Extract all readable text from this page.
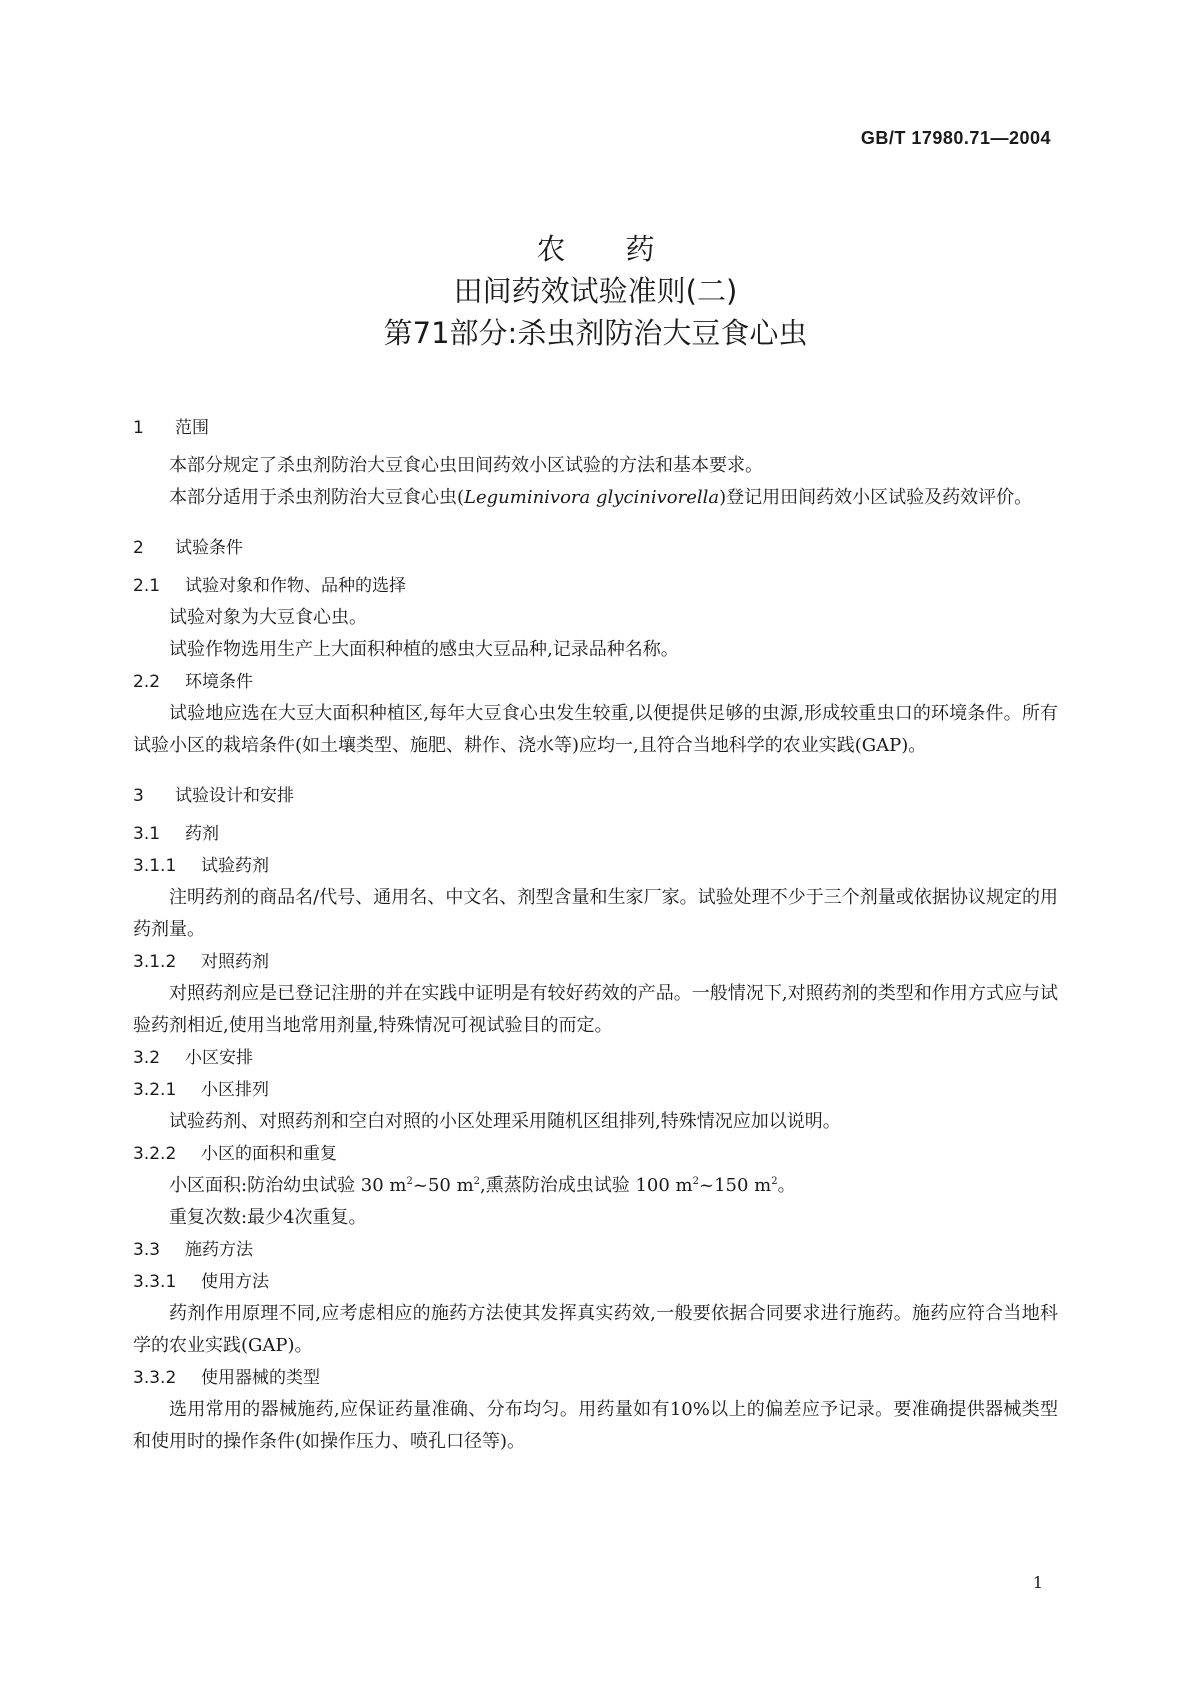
GB/T 17980.71—2004
农药
田间药效试验准则(二)
第71部分:杀虫剂防治大豆食心虫
1 范围

本部分规定了杀虫剂防治大豆食心虫田间药效小区试验的方法和基本要求。

本部分适用于杀虫剂防治大豆食心虫(Leguminivora glycinivorella)登记用田间药效小区试验及药效评价。

2 试验条件
2.1 试验对象和作物、品种的选择

试验对象为大豆食心虫。

试验作物选用生产上大面积种植的感虫大豆品种,记录品种名称。

2.2 环境条件

试验地应选在大豆大面积种植区,每年大豆食心虫发生较重,以便提供足够的虫源,形成较重虫口的环境条件。所有试验小区的栽培条件(如土壤类型、施肥、耕作、浇水等)应均一,且符合当地科学的农业实践(GAP)。

3 试验设计和安排
3.1 药剂
3.1.1 试验药剂

注明药剂的商品名/代号、通用名、中文名、剂型含量和生家厂家。试验处理不少于三个剂量或依据协议规定的用药剂量。

3.1.2 对照药剂

对照药剂应是已登记注册的并在实践中证明是有较好药效的产品。一般情况下,对照药剂的类型和作用方式应与试验药剂相近,使用当地常用剂量,特殊情况可视试验目的而定。

3.2 小区安排
3.2.1 小区排列

试验药剂、对照药剂和空白对照的小区处理采用随机区组排列,特殊情况应加以说明。

3.2.2 小区的面积和重复

小区面积:防治幼虫试验 30 $m^2\sim 50$ $m^2$,熏蒸防治成虫试验 100 $m^2\sim 150$ $m^2$。

重复次数:最少4次重复。

3.3 施药方法
3.3.1 使用方法

药剂作用原理不同,应考虑相应的施药方法使其发挥真实药效,一般要依据合同要求进行施药。施药应符合当地科学的农业实践(GAP)。

3.3.2 使用器械的类型

选用常用的器械施药,应保证药量准确、分布均匀。用药量如有10%以上的偏差应予记录。要准确提供器械类型和使用时的操作条件(如操作压力、喷孔口径等)。

1
